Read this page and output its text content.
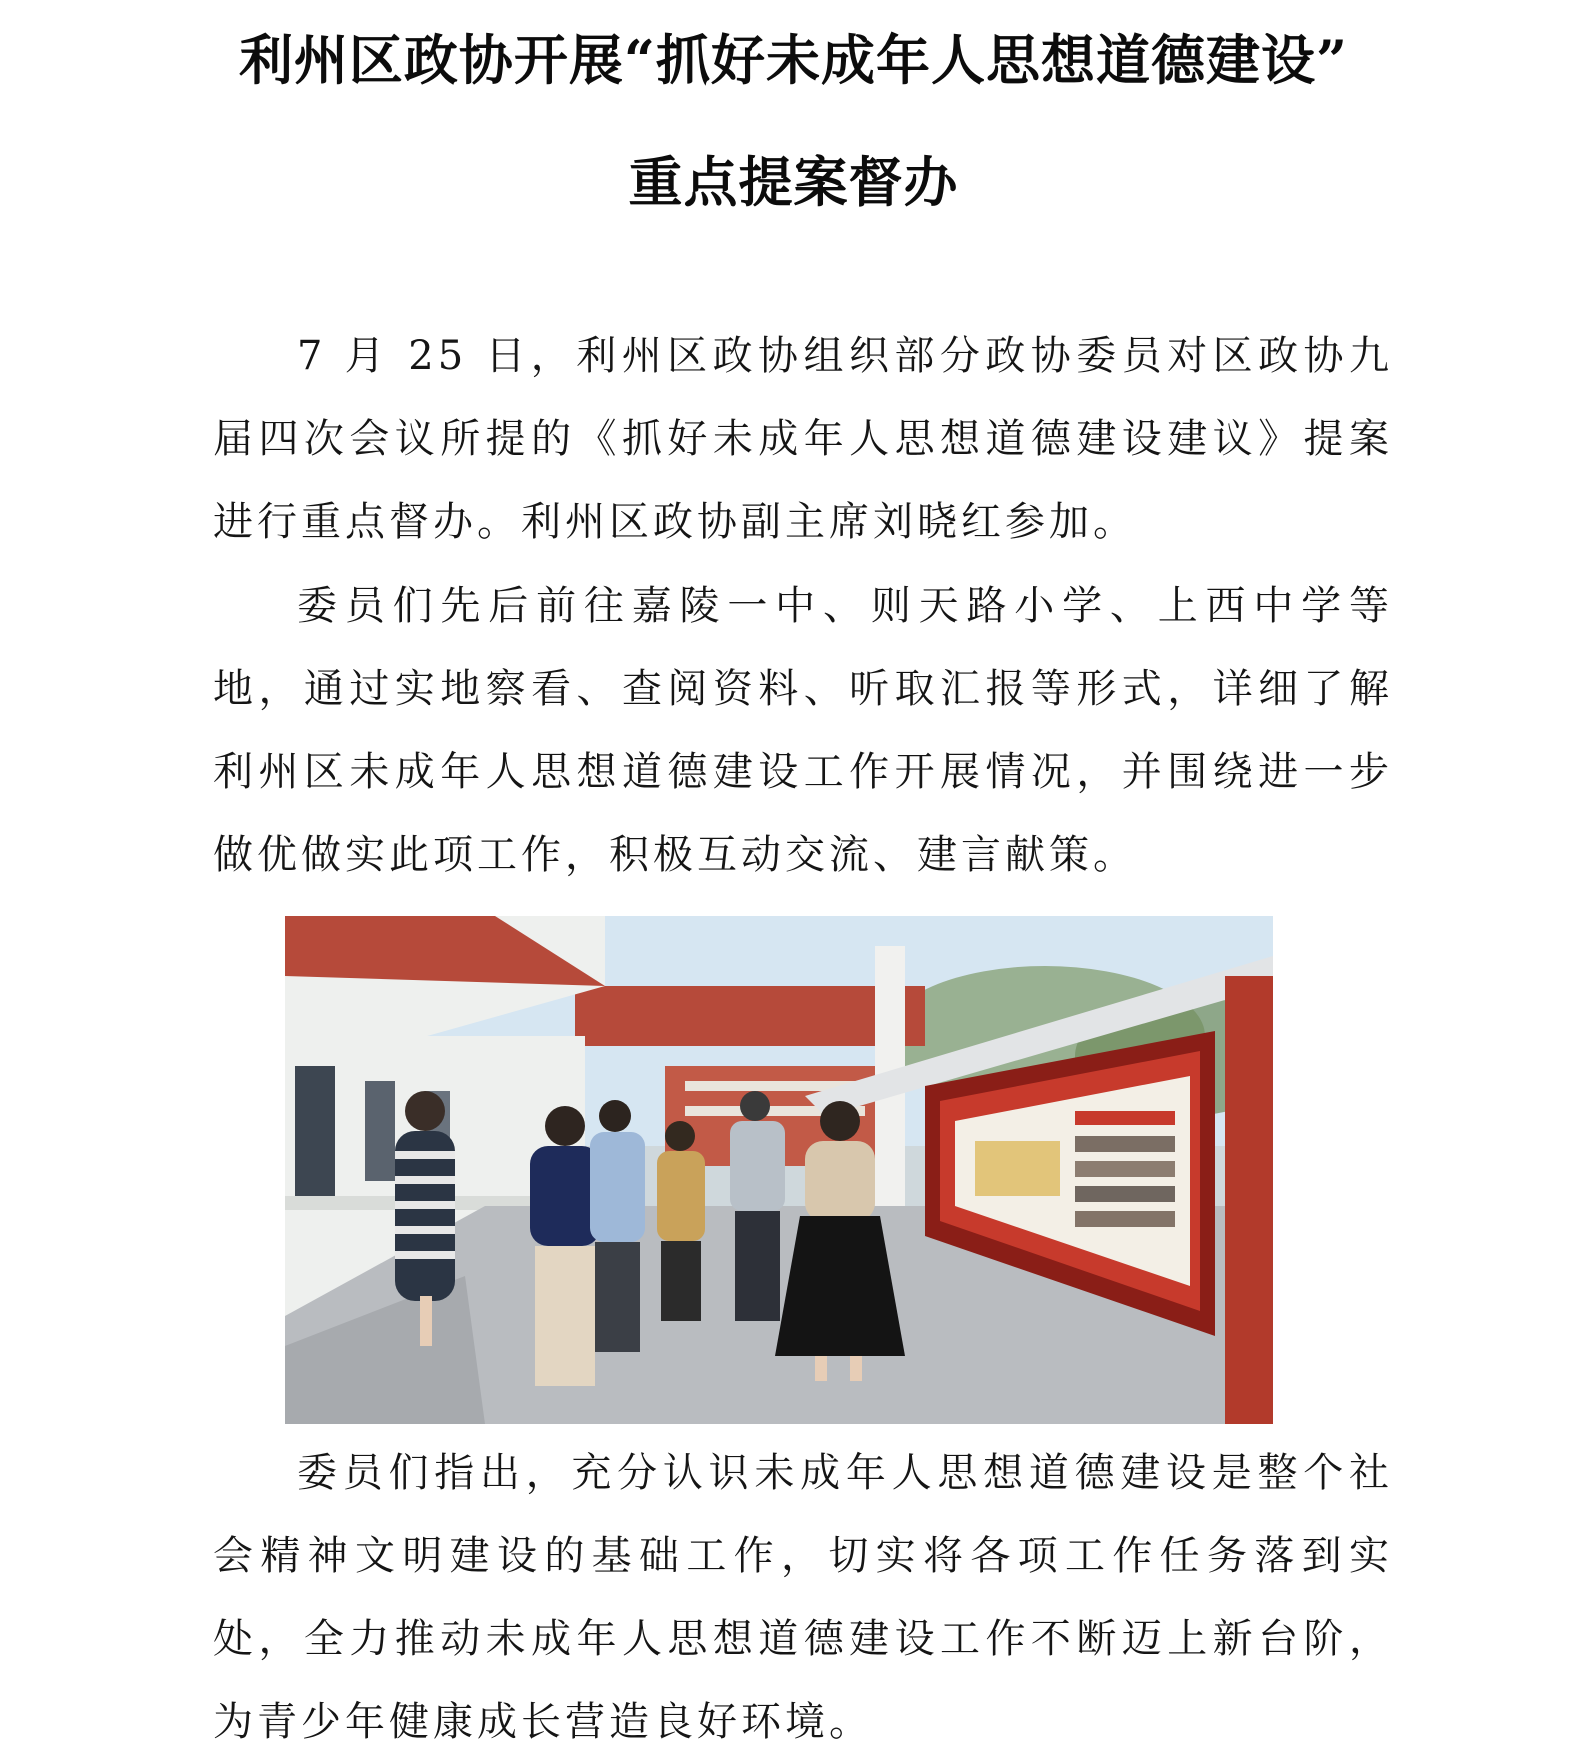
利州区政协开展“抓好未成年人思想道德建设”
重点提案督办

7 月 25 日，利州区政协组织部分政协委员对区政协九届四次会议所提的《抓好未成年人思想道德建设建议》提案进行重点督办。利州区政协副主席刘晓红参加。

委员们先后前往嘉陵一中、则天路小学、上西中学等地，通过实地察看、查阅资料、听取汇报等形式，详细了解利州区未成年人思想道德建设工作开展情况，并围绕进一步做优做实此项工作，积极互动交流、建言献策。

委员们指出，充分认识未成年人思想道德建设是整个社会精神文明建设的基础工作，切实将各项工作任务落到实处，全力推动未成年人思想道德建设工作不断迈上新台阶，为青少年健康成长营造良好环境。
